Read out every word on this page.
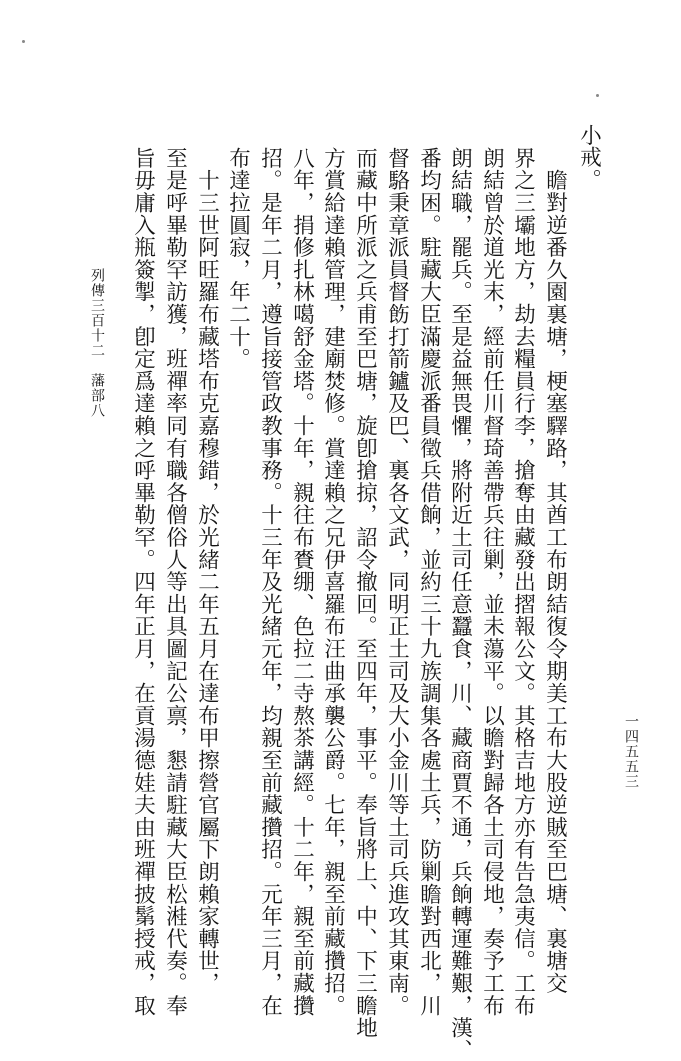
列傳三百十二　藩部八
一四五五三
小戒。
　瞻對逆番久園裏塘，梗塞驛路，其酋工布朗結復令期美工布大股逆賊至巴塘、裏塘交
界之三壩地方，劫去糧員行李，搶奪由藏發出摺報公文。其格吉地方亦有告急夷信。工布
朗結曾於道光末，經前任川督琦善帶兵往剿，並未蕩平。以瞻對歸各土司侵地，奏予工布
朗結職，罷兵。至是益無畏懼，將附近土司任意蠶食，川、藏商賈不通，兵餉轉運難艱，漢、
番均困。駐藏大臣滿慶派番員徵兵借餉，並約三十九族調集各處土兵，防剿瞻對西北，川
督駱秉章派員督飭打箭鑪及巴、裏各文武，同明正土司及大小金川等土司兵進攻其東南。
而藏中所派之兵甫至巴塘，旋卽搶掠，詔令撤回。至四年，事平。奉旨將上、中、下三瞻地
方賞給達賴管理，建廟焚修。賞達賴之兄伊喜羅布汪曲承襲公爵。七年，親至前藏攢招。
八年，捐修扎林噶舒金塔。十年，親往布賚绷、色拉二寺熬茶講經。十二年，親至前藏攢
招。是年二月，遵旨接管政教事務。十三年及光緒元年，均親至前藏攢招。元年三月，在
布達拉圓寂，年二十。
　十三世阿旺羅布藏塔布克嘉穆錯，於光緒二年五月在達布甲擦營官屬下朗賴家轉世，
至是呼畢勒罕訪獲，班禪率同有職各僧俗人等出具圖記公禀，懇請駐藏大臣松溎代奏。奉
旨毋庸入瓶簽掣，卽定爲達賴之呼畢勒罕。四年正月，在貢湯德娃夫由班禪披鬀授戒，取
